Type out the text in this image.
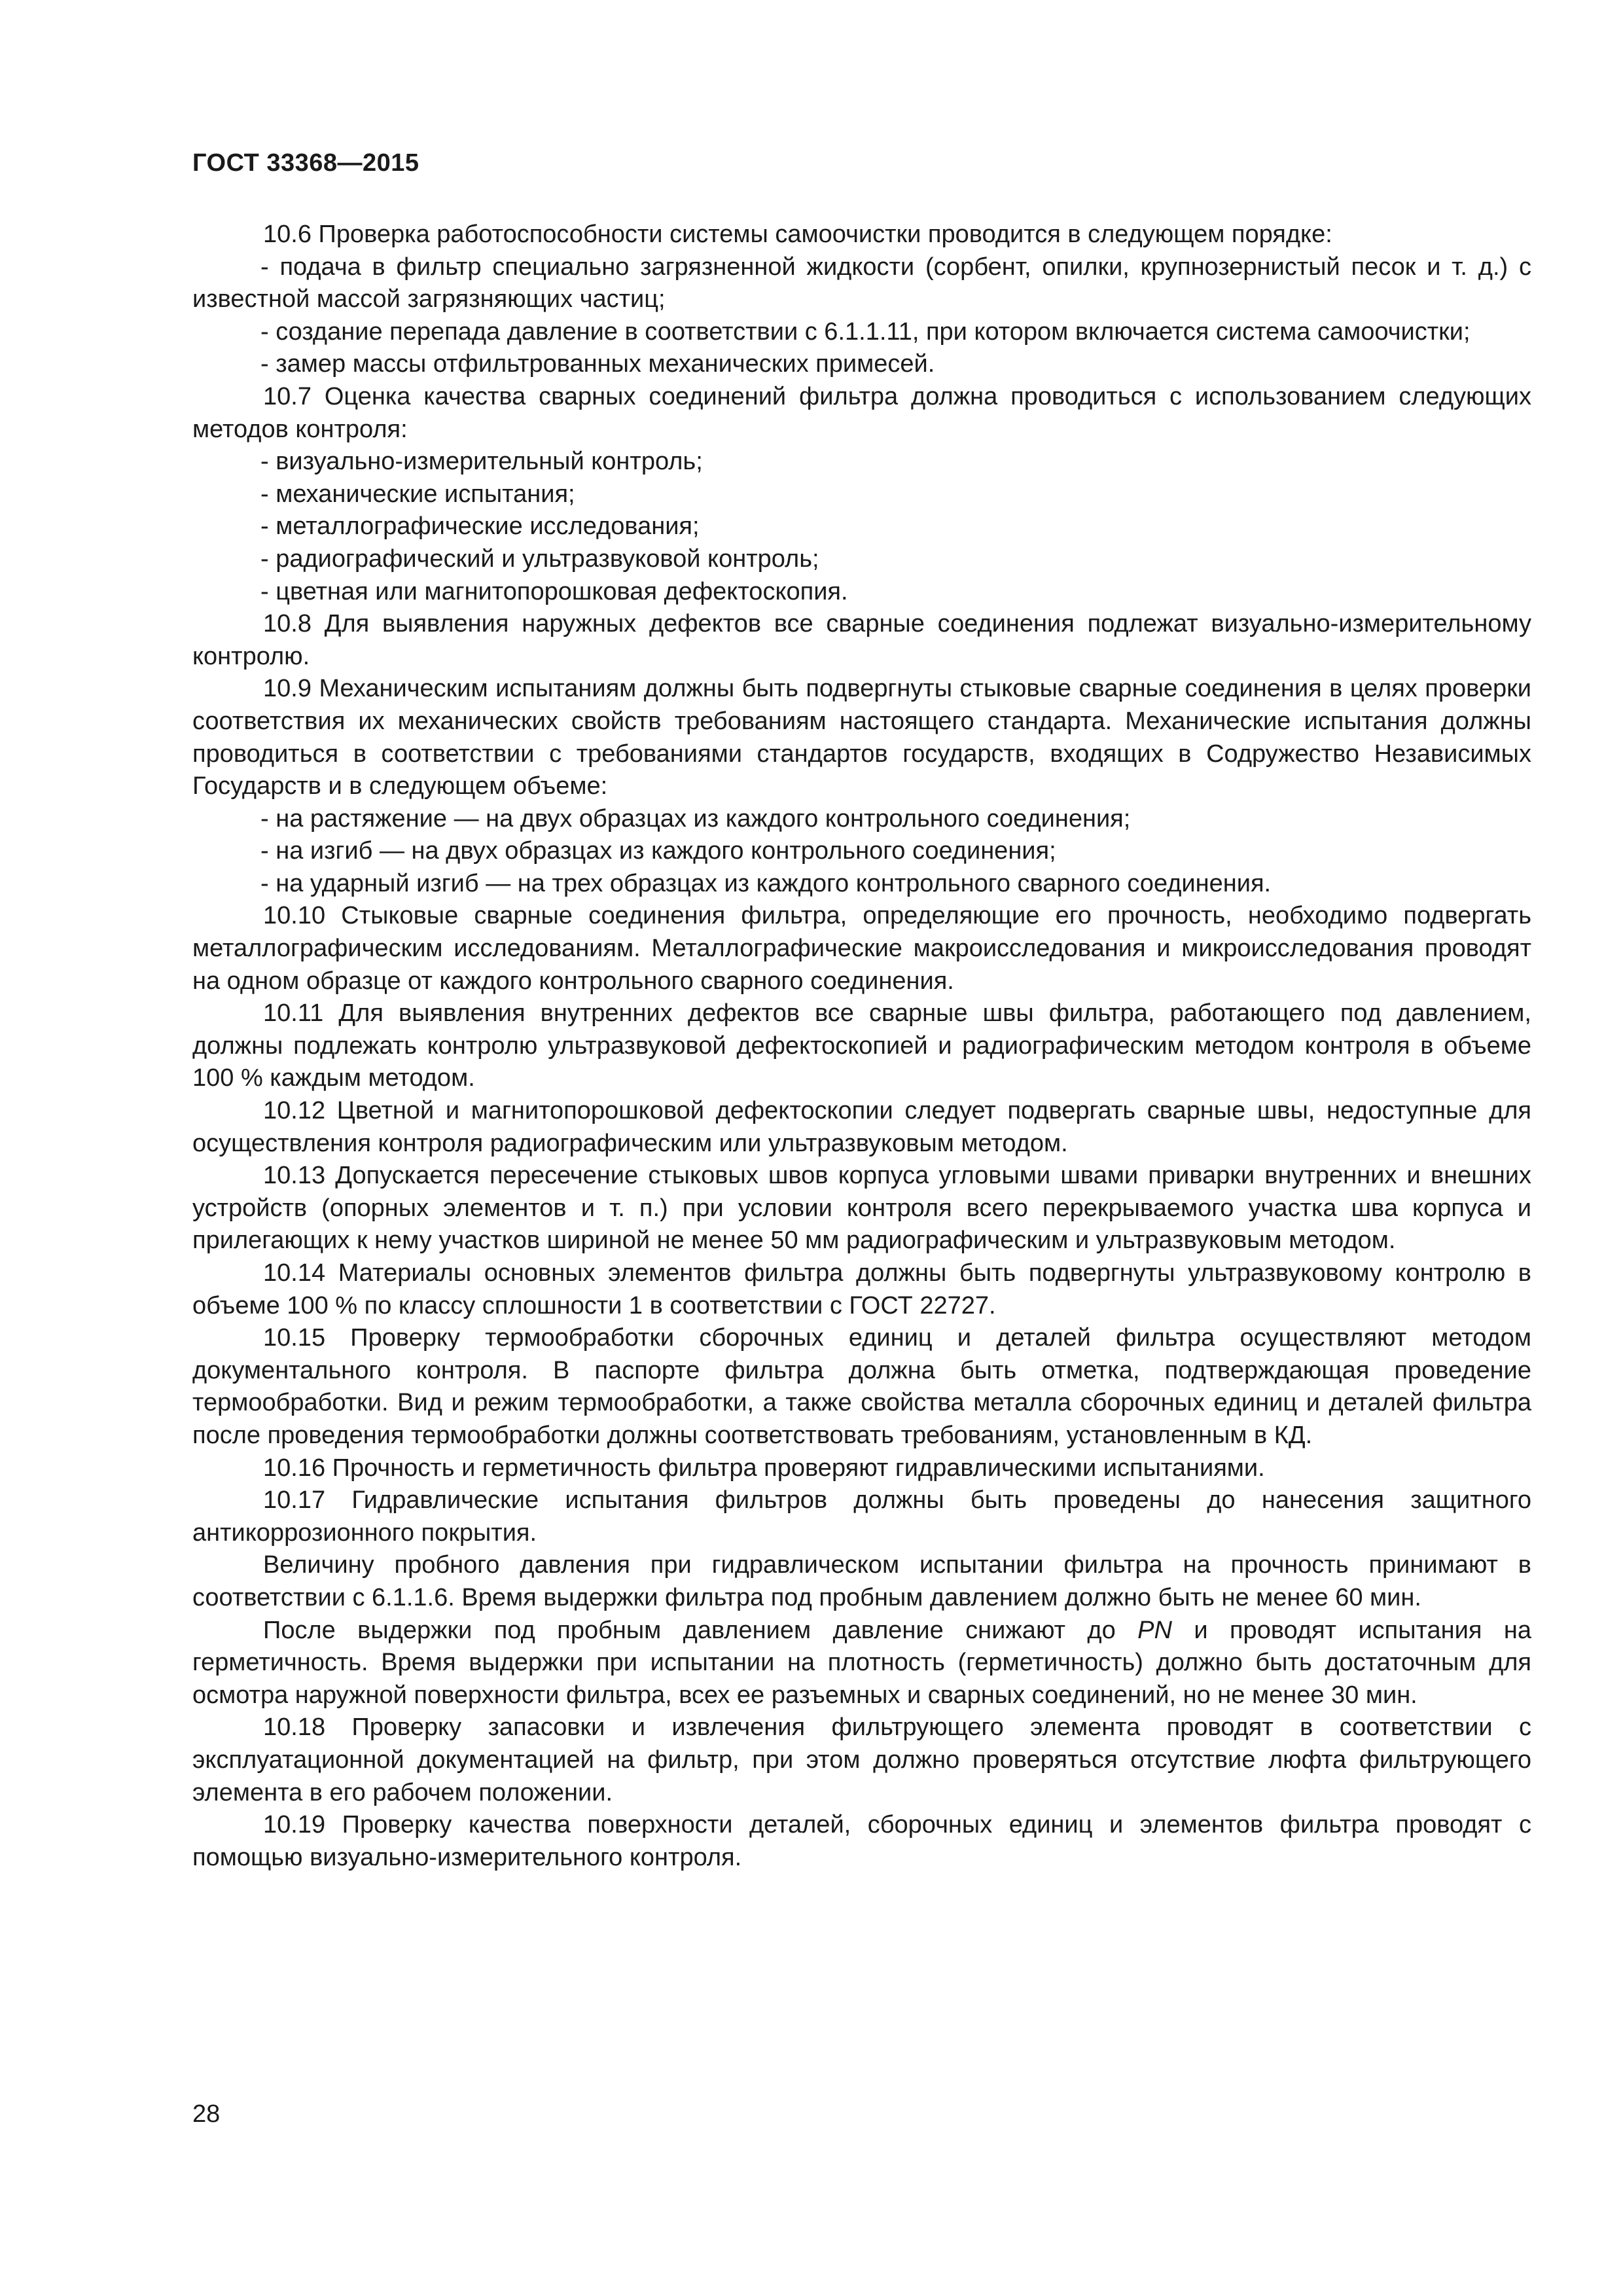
ГОСТ 33368—2015

10.6 Проверка работоспособности системы самоочистки проводится в следующем порядке:

- подача в фильтр специально загрязненной жидкости (сорбент, опилки, крупнозернистый песок и т. д.) с известной массой загрязняющих частиц;

- создание перепада давление в соответствии с 6.1.1.11, при котором включается система самоочистки;

- замер массы отфильтрованных механических примесей.

10.7 Оценка качества сварных соединений фильтра должна проводиться с использованием следующих методов контроля:

- визуально-измерительный контроль;

- механические испытания;

- металлографические исследования;

- радиографический и ультразвуковой контроль;

- цветная или магнитопорошковая дефектоскопия.

10.8 Для выявления наружных дефектов все сварные соединения подлежат визуально-измерительному контролю.

10.9 Механическим испытаниям должны быть подвергнуты стыковые сварные соединения в целях проверки соответствия их механических свойств требованиям настоящего стандарта. Механические испытания должны проводиться в соответствии с требованиями стандартов государств, входящих в Содружество Независимых Государств и в следующем объеме:

- на растяжение — на двух образцах из каждого контрольного соединения;

- на изгиб — на двух образцах из каждого контрольного соединения;

- на ударный изгиб — на трех образцах из каждого контрольного сварного соединения.

10.10 Стыковые сварные соединения фильтра, определяющие его прочность, необходимо подвергать металлографическим исследованиям. Металлографические макроисследования и микроисследования проводят на одном образце от каждого контрольного сварного соединения.

10.11 Для выявления внутренних дефектов все сварные швы фильтра, работающего под давлением, должны подлежать контролю ультразвуковой дефектоскопией и радиографическим методом контроля в объеме 100 % каждым методом.

10.12 Цветной и магнитопорошковой дефектоскопии следует подвергать сварные швы, недоступные для осуществления контроля радиографическим или ультразвуковым методом.

10.13 Допускается пересечение стыковых швов корпуса угловыми швами приварки внутренних и внешних устройств (опорных элементов и т. п.) при условии контроля всего перекрываемого участка шва корпуса и прилегающих к нему участков шириной не менее 50 мм радиографическим и ультразвуковым методом.

10.14 Материалы основных элементов фильтра должны быть подвергнуты ультразвуковому контролю в объеме 100 % по классу сплошности 1 в соответствии с ГОСТ 22727.

10.15 Проверку термообработки сборочных единиц и деталей фильтра осуществляют методом документального контроля. В паспорте фильтра должна быть отметка, подтверждающая проведение термообработки. Вид и режим термообработки, а также свойства металла сборочных единиц и деталей фильтра после проведения термообработки должны соответствовать требованиям, установленным в КД.

10.16 Прочность и герметичность фильтра проверяют гидравлическими испытаниями.

10.17 Гидравлические испытания фильтров должны быть проведены до нанесения защитного антикоррозионного покрытия.

Величину пробного давления при гидравлическом испытании фильтра на прочность принимают в соответствии с 6.1.1.6. Время выдержки фильтра под пробным давлением должно быть не менее 60 мин.

После выдержки под пробным давлением давление снижают до PN и проводят испытания на герметичность. Время выдержки при испытании на плотность (герметичность) должно быть достаточным для осмотра наружной поверхности фильтра, всех ее разъемных и сварных соединений, но не менее 30 мин.

10.18 Проверку запасовки и извлечения фильтрующего элемента проводят в соответствии с эксплуатационной документацией на фильтр, при этом должно проверяться отсутствие люфта фильтрующего элемента в его рабочем положении.

10.19 Проверку качества поверхности деталей, сборочных единиц и элементов фильтра проводят с помощью визуально-измерительного контроля.

28
